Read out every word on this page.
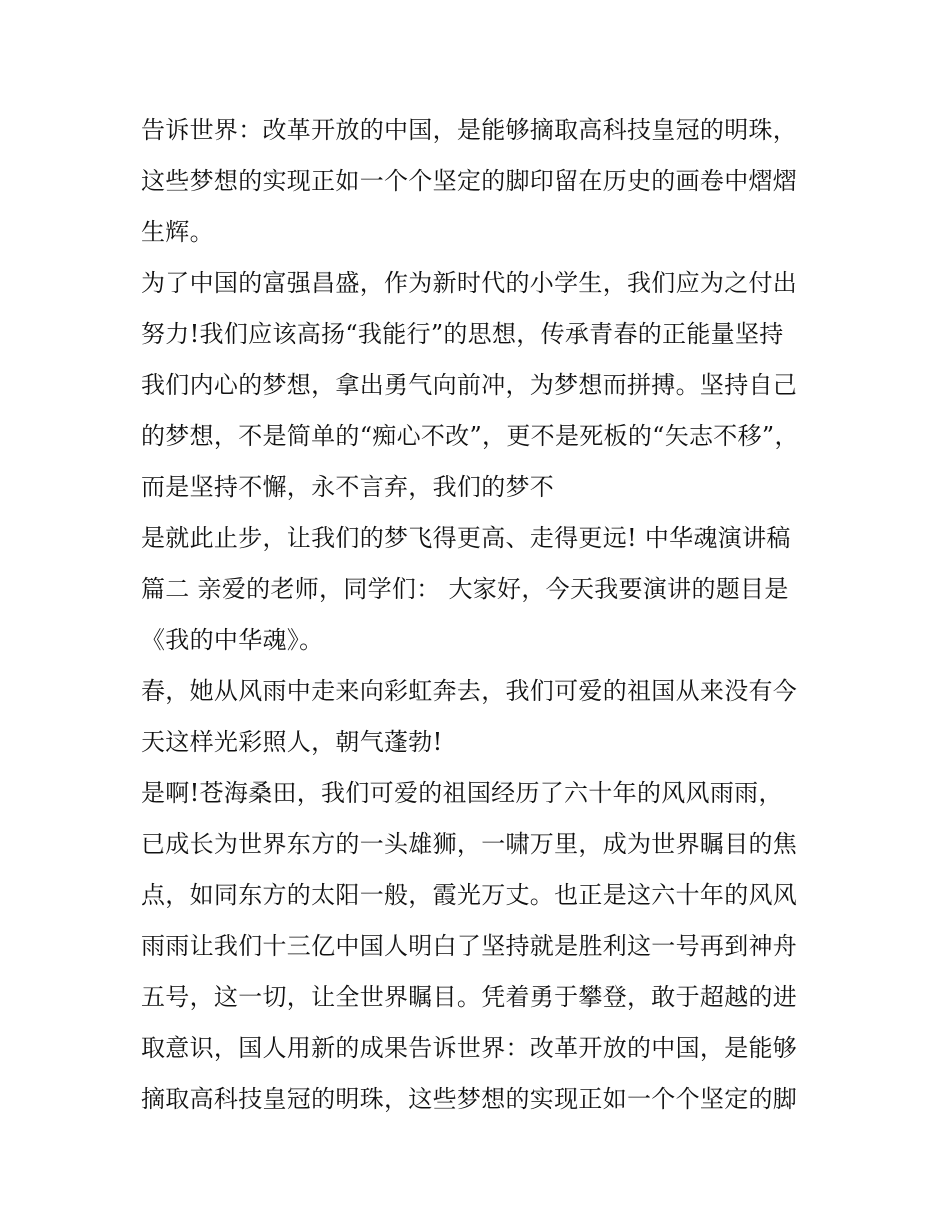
告诉世界：改革开放的中国，是能够摘取高科技皇冠的明珠，
这些梦想的实现正如一个个坚定的脚印留在历史的画卷中熠熠
生辉。
为了中国的富强昌盛，作为新时代的小学生，我们应为之付出
努力!我们应该高扬“我能行”的思想，传承青春的正能量坚持
我们内心的梦想，拿出勇气向前冲，为梦想而拼搏。坚持自己
的梦想，不是简单的“痴心不改”，更不是死板的“矢志不移”，
而是坚持不懈，永不言弃，我们的梦不
是就此止步，让我们的梦飞得更高、走得更远! 中华魂演讲稿
篇二 亲爱的老师，同学们： 大家好，今天我要演讲的题目是
《我的中华魂》。
春，她从风雨中走来向彩虹奔去，我们可爱的祖国从来没有今
天这样光彩照人，朝气蓬勃!
是啊!苍海桑田，我们可爱的祖国经历了六十年的风风雨雨，
已成长为世界东方的一头雄狮，一啸万里，成为世界瞩目的焦
点，如同东方的太阳一般，霞光万丈。也正是这六十年的风风
雨雨让我们十三亿中国人明白了坚持就是胜利这一号再到神舟
五号，这一切，让全世界瞩目。凭着勇于攀登，敢于超越的进
取意识，国人用新的成果告诉世界：改革开放的中国，是能够
摘取高科技皇冠的明珠，这些梦想的实现正如一个个坚定的脚
